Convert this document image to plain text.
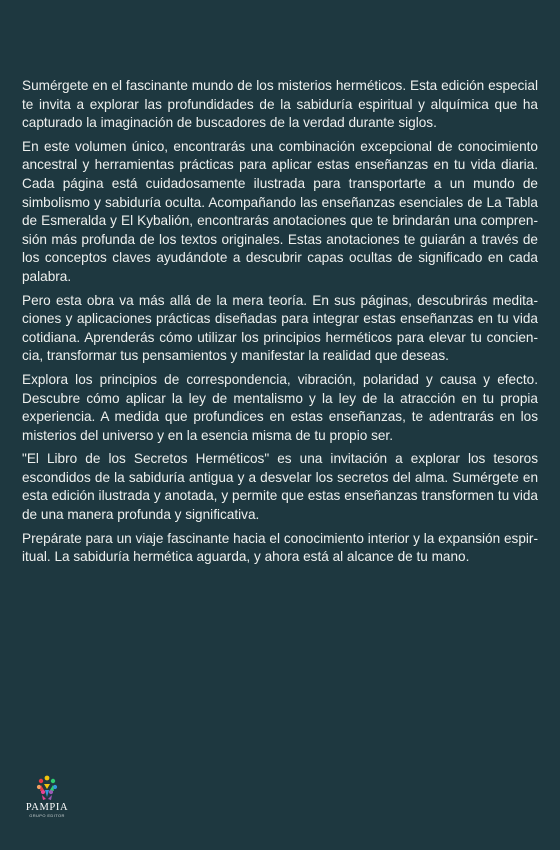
Sumérgete en el fascinante mundo de los misterios herméticos. Esta edición especial te invita a explorar las profundidades de la sabiduría espiritual y alquímica que ha capturado la imaginación de buscadores de la verdad durante siglos.

En este volumen único, encontrarás una combinación excepcional de conocimiento ancestral y herramientas prácticas para aplicar estas enseñanzas en tu vida diaria. Cada página está cuidadosamente ilustrada para transportarte a un mundo de simbolismo y sabiduría oculta. Acompañando las enseñanzas esenciales de La Tabla de Esmeralda y El Kybalión, encontrarás anotaciones que te brindarán una comprensión más profunda de los textos originales. Estas anotaciones te guiarán a través de los conceptos claves ayudándote a descubrir capas ocultas de significado en cada palabra.

Pero esta obra va más allá de la mera teoría. En sus páginas, descubrirás meditaciones y aplicaciones prácticas diseñadas para integrar estas enseñanzas en tu vida cotidiana. Aprenderás cómo utilizar los principios herméticos para elevar tu conciencia, transformar tus pensamientos y manifestar la realidad que deseas.

Explora los principios de correspondencia, vibración, polaridad y causa y efecto. Descubre cómo aplicar la ley de mentalismo y la ley de la atracción en tu propia experiencia. A medida que profundices en estas enseñanzas, te adentrarás en los misterios del universo y en la esencia misma de tu propio ser.

"El Libro de los Secretos Herméticos" es una invitación a explorar los tesoros escondidos de la sabiduría antigua y a desvelar los secretos del alma. Sumérgete en esta edición ilustrada y anotada, y permite que estas enseñanzas transformen tu vida de una manera profunda y significativa.

Prepárate para un viaje fascinante hacia el conocimiento interior y la expansión espiritual. La sabiduría hermética aguarda, y ahora está al alcance de tu mano.

PAMPIA
GRUPO EDITOR
